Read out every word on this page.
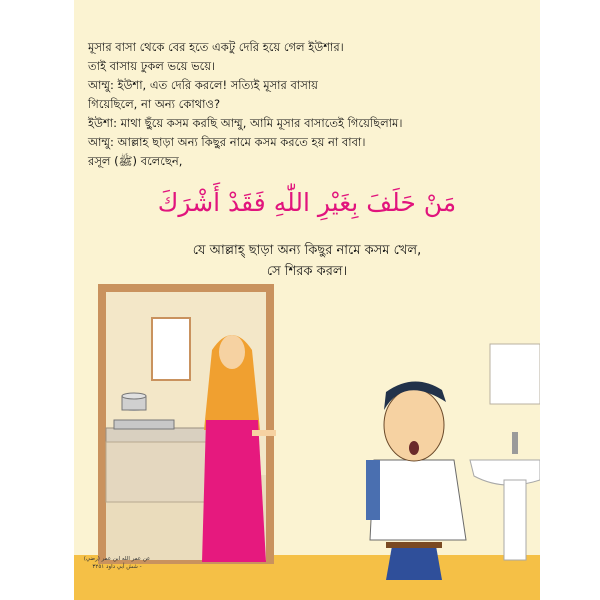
মূসার বাসা থেকে বের হতে একটু দেরি হয়ে গেল ইউশার।
তাই বাসায় ঢুকল ভয়ে ভয়ে।
আম্মু: ইউশা, এত দেরি করলে! সত্যিই মূসার বাসায়
গিয়েছিলে, না অন্য কোথাও?
ইউশা: মাথা ছুঁয়ে কসম করছি আম্মু, আমি মূসার বাসাতেই গিয়েছিলাম।
আম্মু: আল্লাহ ছাড়া অন্য কিছুর নামে কসম করতে হয় না বাবা।
রসূল (ﷺ) বলেছেন,
مَنْ حَلَفَ بِغَيْرِ اللّٰهِ فَقَدْ أَشْرَكَ
যে আল্লাহ্ ছাড়া অন্য কিছুর নামে কসম খেল,
সে শিরক করল।
عن عمر الله ابن عمر (رضي)
شش أبي داود ٣٢٥١ -
